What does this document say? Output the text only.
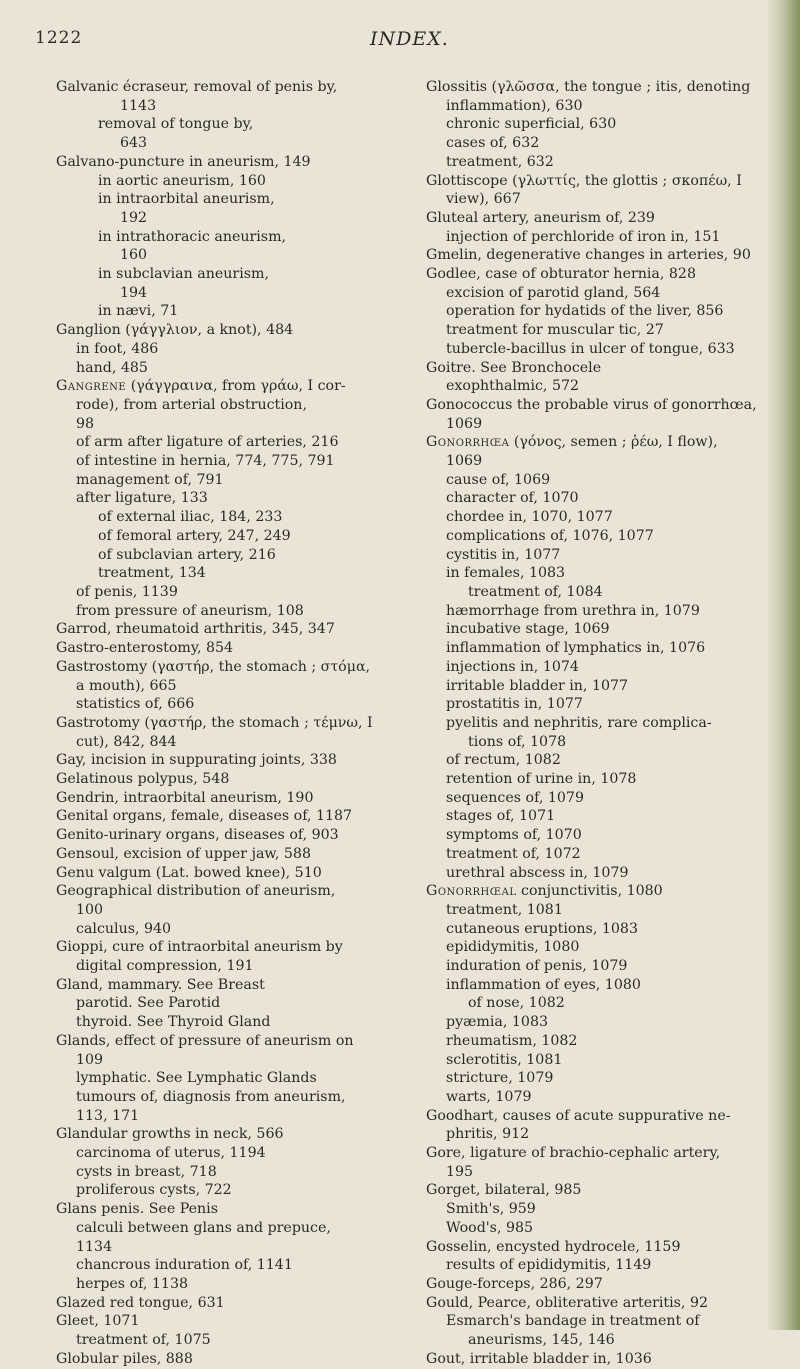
1222	INDEX.
Galvanic écraseur, removal of penis by,
1143
removal of tongue by,
643
Galvano-puncture in aneurism, 149
in aortic aneurism, 160
in intraorbital aneurism,
192
in intrathoracic aneurism,
160
in subclavian aneurism,
194
in nævi, 71
Ganglion (γάγγλιον, a knot), 484
in foot, 486
hand, 485
Gangrene (γάγγραινα, from γράω, I cor-
rode), from arterial obstruction,
98
of arm after ligature of arteries, 216
of intestine in hernia, 774, 775, 791
management of, 791
after ligature, 133
of external iliac, 184, 233
of femoral artery, 247, 249
of subclavian artery, 216
treatment, 134
of penis, 1139
from pressure of aneurism, 108
Garrod, rheumatoid arthritis, 345, 347
Gastro-enterostomy, 854
Gastrostomy (γαστήρ, the stomach ; στόμα,
a mouth), 665
statistics of, 666
Gastrotomy (γαστήρ, the stomach ; τέμνω, I
cut), 842, 844
Gay, incision in suppurating joints, 338
Gelatinous polypus, 548
Gendrin, intraorbital aneurism, 190
Genital organs, female, diseases of, 1187
Genito-urinary organs, diseases of, 903
Gensoul, excision of upper jaw, 588
Genu valgum (Lat. bowed knee), 510
Geographical distribution of aneurism,
100
calculus, 940
Gioppi, cure of intraorbital aneurism by
digital compression, 191
Gland, mammary. See Breast
parotid. See Parotid
thyroid. See Thyroid Gland
Glands, effect of pressure of aneurism on
109
lymphatic. See Lymphatic Glands
tumours of, diagnosis from aneurism,
113, 171
Glandular growths in neck, 566
carcinoma of uterus, 1194
cysts in breast, 718
proliferous cysts, 722
Glans penis. See Penis
calculi between glans and prepuce,
1134
chancrous induration of, 1141
herpes of, 1138
Glazed red tongue, 631
Gleet, 1071
treatment of, 1075
Globular piles, 888
Glossitis (γλῶσσα, the tongue ; itis, denoting
inflammation), 630
chronic superficial, 630
cases of, 632
treatment, 632
Glottiscope (γλωττίς, the glottis ; σκοπέω, I
view), 667
Gluteal artery, aneurism of, 239
injection of perchloride of iron in, 151
Gmelin, degenerative changes in arteries, 90
Godlee, case of obturator hernia, 828
excision of parotid gland, 564
operation for hydatids of the liver, 856
treatment for muscular tic, 27
tubercle-bacillus in ulcer of tongue, 633
Goitre. See Bronchocele
exophthalmic, 572
Gonococcus the probable virus of gonorrhœa,
1069
Gonorrhœa (γόνος, semen ; ῥέω, I flow),
1069
cause of, 1069
character of, 1070
chordee in, 1070, 1077
complications of, 1076, 1077
cystitis in, 1077
in females, 1083
treatment of, 1084
hæmorrhage from urethra in, 1079
incubative stage, 1069
inflammation of lymphatics in, 1076
injections in, 1074
irritable bladder in, 1077
prostatitis in, 1077
pyelitis and nephritis, rare complica-
tions of, 1078
of rectum, 1082
retention of urine in, 1078
sequences of, 1079
stages of, 1071
symptoms of, 1070
treatment of, 1072
urethral abscess in, 1079
Gonorrhœal conjunctivitis, 1080
treatment, 1081
cutaneous eruptions, 1083
epididymitis, 1080
induration of penis, 1079
inflammation of eyes, 1080
of nose, 1082
pyæmia, 1083
rheumatism, 1082
sclerotitis, 1081
stricture, 1079
warts, 1079
Goodhart, causes of acute suppurative ne-
phritis, 912
Gore, ligature of brachio-cephalic artery,
195
Gorget, bilateral, 985
Smith's, 959
Wood's, 985
Gosselin, encysted hydrocele, 1159
results of epididymitis, 1149
Gouge-forceps, 286, 297
Gould, Pearce, obliterative arteritis, 92
Esmarch's bandage in treatment of
aneurisms, 145, 146
Gout, irritable bladder in, 1036
